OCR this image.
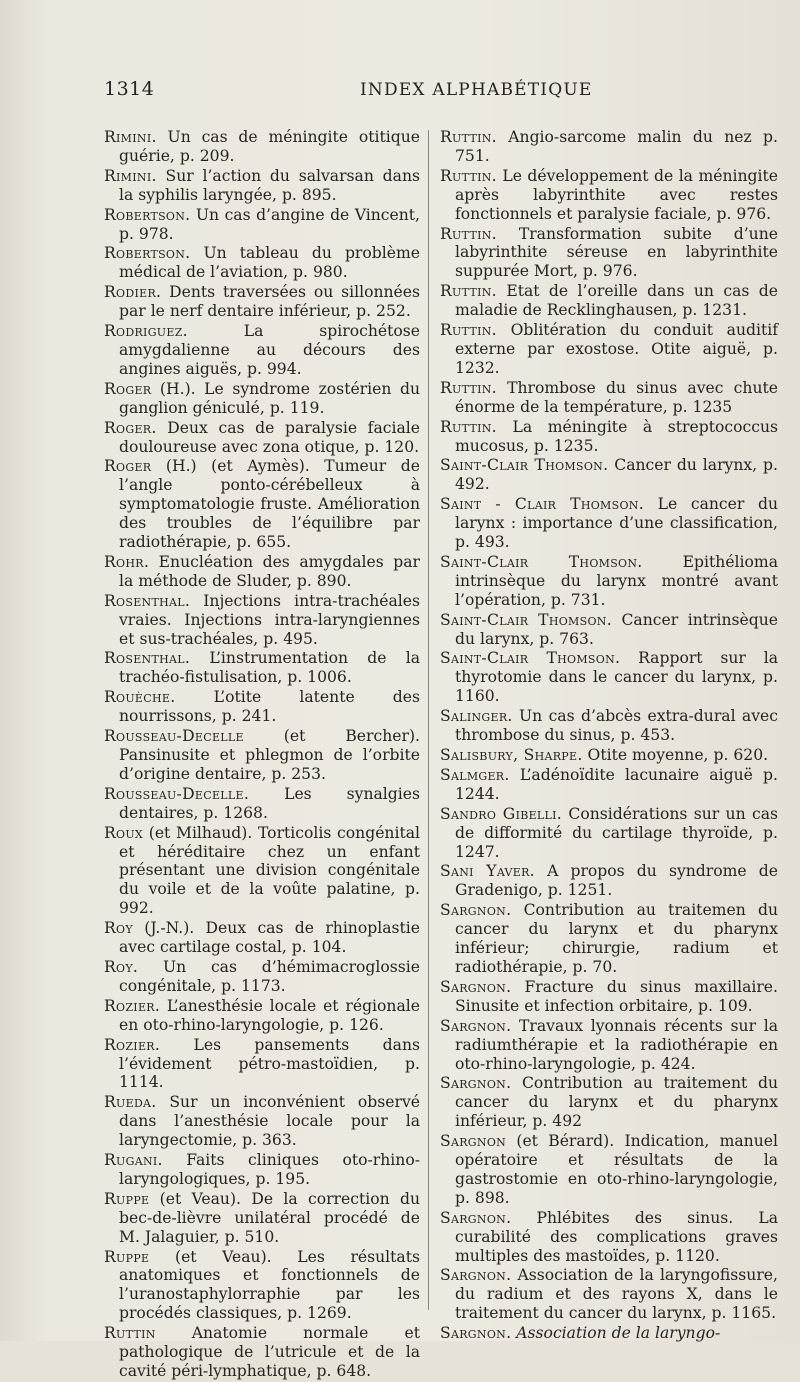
1314	INDEX ALPHABÉTIQUE

Rimini. Un cas de méningite otitique guérie, p. 209.

Rimini. Sur l’action du salvarsan dans la syphilis laryngée, p. 895.

Robertson. Un cas d’angine de Vincent, p. 978.

Robertson. Un tableau du problème médical de l’aviation, p. 980.

Rodier. Dents traversées ou sillonnées par le nerf dentaire inférieur, p. 252.

Rodriguez. La spirochétose amygdalienne au décours des angines aiguës, p. 994.

Roger (H.). Le syndrome zostérien du ganglion géniculé, p. 119.

Roger. Deux cas de paralysie faciale douloureuse avec zona otique, p. 120.

Roger (H.) (et Aymès). Tumeur de l’angle ponto-cérébelleux à symptomatologie fruste. Amélioration des troubles de l’équilibre par radiothérapie, p. 655.

Rohr. Enucléation des amygdales par la méthode de Sluder, p. 890.

Rosenthal. Injections intra-trachéales vraies. Injections intra-laryngiennes et sus-trachéales, p. 495.

Rosenthal. L’instrumentation de la trachéo-fistulisation, p. 1006.

Rouèche. L’otite latente des nourrissons, p. 241.

Rousseau-Decelle (et Bercher). Pansinusite et phlegmon de l’orbite d’origine dentaire, p. 253.

Rousseau-Decelle. Les synalgies dentaires, p. 1268.

Roux (et Milhaud). Torticolis congénital et héréditaire chez un enfant présentant une division congénitale du voile et de la voûte palatine, p. 992.

Roy (J.-N.). Deux cas de rhinoplastie avec cartilage costal, p. 104.

Roy. Un cas d’hémimacroglossie congénitale, p. 1173.

Rozier. L’anesthésie locale et régionale en oto-rhino-laryngologie, p. 126.

Rozier. Les pansements dans l’évidement pétro-mastoïdien, p. 1114.

Rueda. Sur un inconvénient observé dans l’anesthésie locale pour la laryngectomie, p. 363.

Rugani. Faits cliniques oto-rhino-laryngologiques, p. 195.

Ruppe (et Veau). De la correction du bec-de-lièvre unilatéral procédé de M. Jalaguier, p. 510.

Ruppe (et Veau). Les résultats anatomiques et fonctionnels de l’uranostaphylorraphie par les procédés classiques, p. 1269.

Ruttin Anatomie normale et pathologique de l’utricule et de la cavité péri-lymphatique, p. 648.

Ruttin. Angio-sarcome malin du nez p. 751.

Ruttin. Le développement de la méningite après labyrinthite avec restes fonctionnels et paralysie faciale, p. 976.

Ruttin. Transformation subite d’une labyrinthite séreuse en labyrinthite suppurée Mort, p. 976.

Ruttin. Etat de l’oreille dans un cas de maladie de Recklinghausen, p. 1231.

Ruttin. Oblitération du conduit auditif externe par exostose. Otite aiguë, p. 1232.

Ruttin. Thrombose du sinus avec chute énorme de la température, p. 1235

Ruttin. La méningite à streptococcus mucosus, p. 1235.

Saint-Clair Thomson. Cancer du larynx, p. 492.

Saint - Clair Thomson. Le cancer du larynx : importance d’une classification, p. 493.

Saint-Clair Thomson. Epithélioma intrinsèque du larynx montré avant l’opération, p. 731.

Saint-Clair Thomson. Cancer intrinsèque du larynx, p. 763.

Saint-Clair Thomson. Rapport sur la thyrotomie dans le cancer du larynx, p. 1160.

Salinger. Un cas d’abcès extra-dural avec thrombose du sinus, p. 453.

Salisbury, Sharpe. Otite moyenne, p. 620.

Salmger. L’adénoïdite lacunaire aiguë p. 1244.

Sandro Gibelli. Considérations sur un cas de difformité du cartilage thyroïde, p. 1247.

Sani Yaver. A propos du syndrome de Gradenigo, p. 1251.

Sargnon. Contribution au traitemen du cancer du larynx et du pharynx inférieur; chirurgie, radium et radiothérapie, p. 70.

Sargnon. Fracture du sinus maxillaire. Sinusite et infection orbitaire, p. 109.

Sargnon. Travaux lyonnais récents sur la radiumthérapie et la radiothérapie en oto-rhino-laryngologie, p. 424.

Sargnon. Contribution au traitement du cancer du larynx et du pharynx inférieur, p. 492

Sargnon (et Bérard). Indication, manuel opératoire et résultats de la gastrostomie en oto-rhino-laryngologie, p. 898.

Sargnon. Phlébites des sinus. La curabilité des complications graves multiples des mastoïdes, p. 1120.

Sargnon. Association de la laryngofissure, du radium et des rayons X, dans le traitement du cancer du larynx, p. 1165.

Sargnon. Association de la laryngo-
